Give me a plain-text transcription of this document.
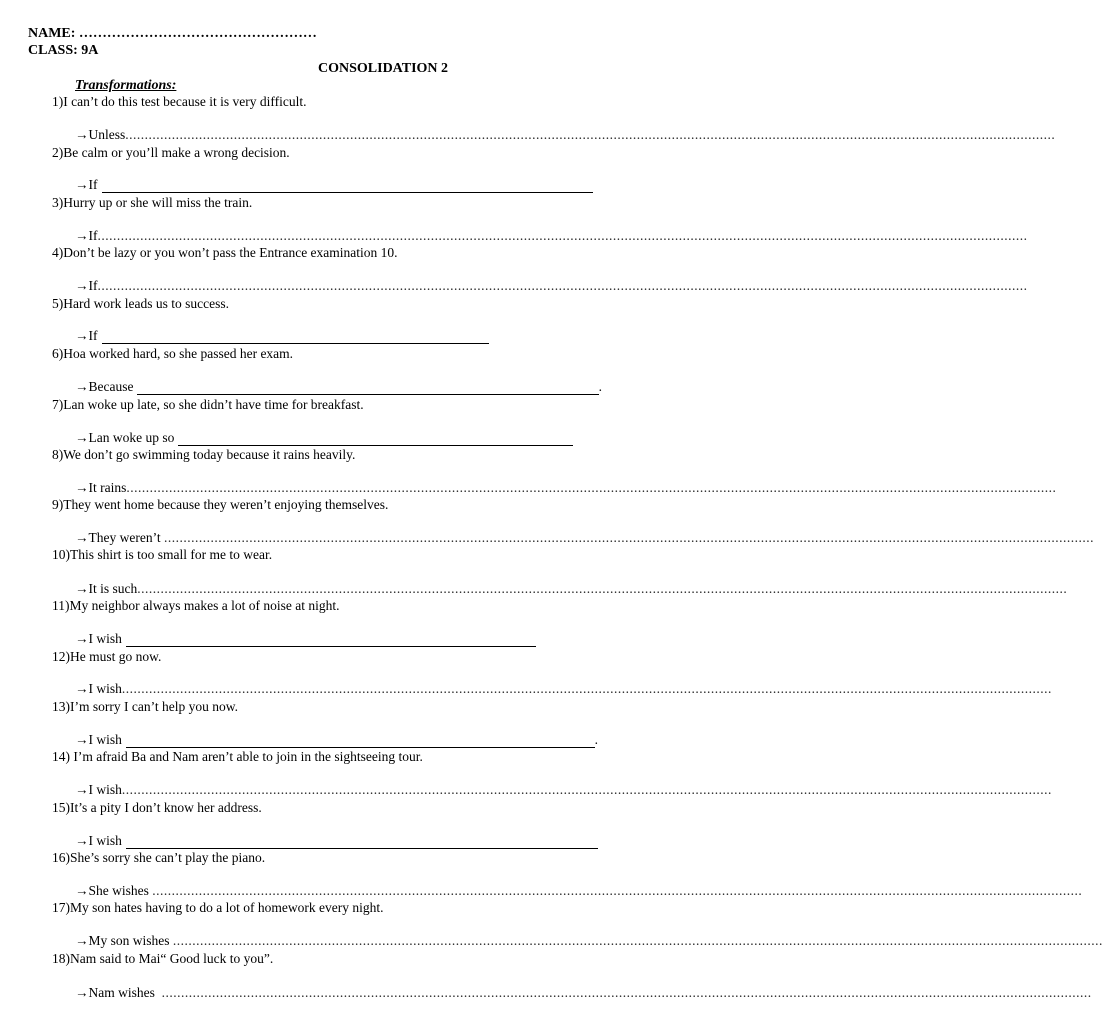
NAME: ……………………………………………
CLASS: 9A
CONSOLIDATION 2
Transformations:
1)I can’t do this test because it is very difficult.
→Unless ................................................................................................................................................................................................................................................
2)Be calm or you’ll make a wrong decision.
→If
3)Hurry up or she will miss the train.
→If ................................................................................................................................................................................................................................................
4)Don’t be lazy or you won’t pass the Entrance examination 10.
→If ................................................................................................................................................................................................................................................
5)Hard work leads us to success.
→If
6)Hoa worked hard, so she passed her exam.
→Because	.
7)Lan woke up late, so she didn’t have time for breakfast.
→Lan woke up so
8)We don’t go swimming today because it rains heavily.
→It rains ................................................................................................................................................................................................................................................
9)They went home because they weren’t enjoying themselves.
→They weren’t ................................................................................................................................................................................................................................................
10)This shirt is too small for me to wear.
→It is such ................................................................................................................................................................................................................................................
11)My neighbor always makes a lot of noise at night.
→I wish
12)He must go now.
→I wish ................................................................................................................................................................................................................................................
13)I’m sorry I can’t help you now.
→I wish	.
14) I’m afraid Ba and Nam aren’t able to join in the sightseeing tour.
→I wish ................................................................................................................................................................................................................................................
15)It’s a pity I don’t know her address.
→I wish
16)She’s sorry she can’t play the piano.
→She wishes ................................................................................................................................................................................................................................................
17)My son hates having to do a lot of homework every night.
→My son wishes ................................................................................................................................................................................................................................................
18)Nam said to Mai“ Good luck to you”.
→Nam wishes ................................................................................................................................................................................................................................................
